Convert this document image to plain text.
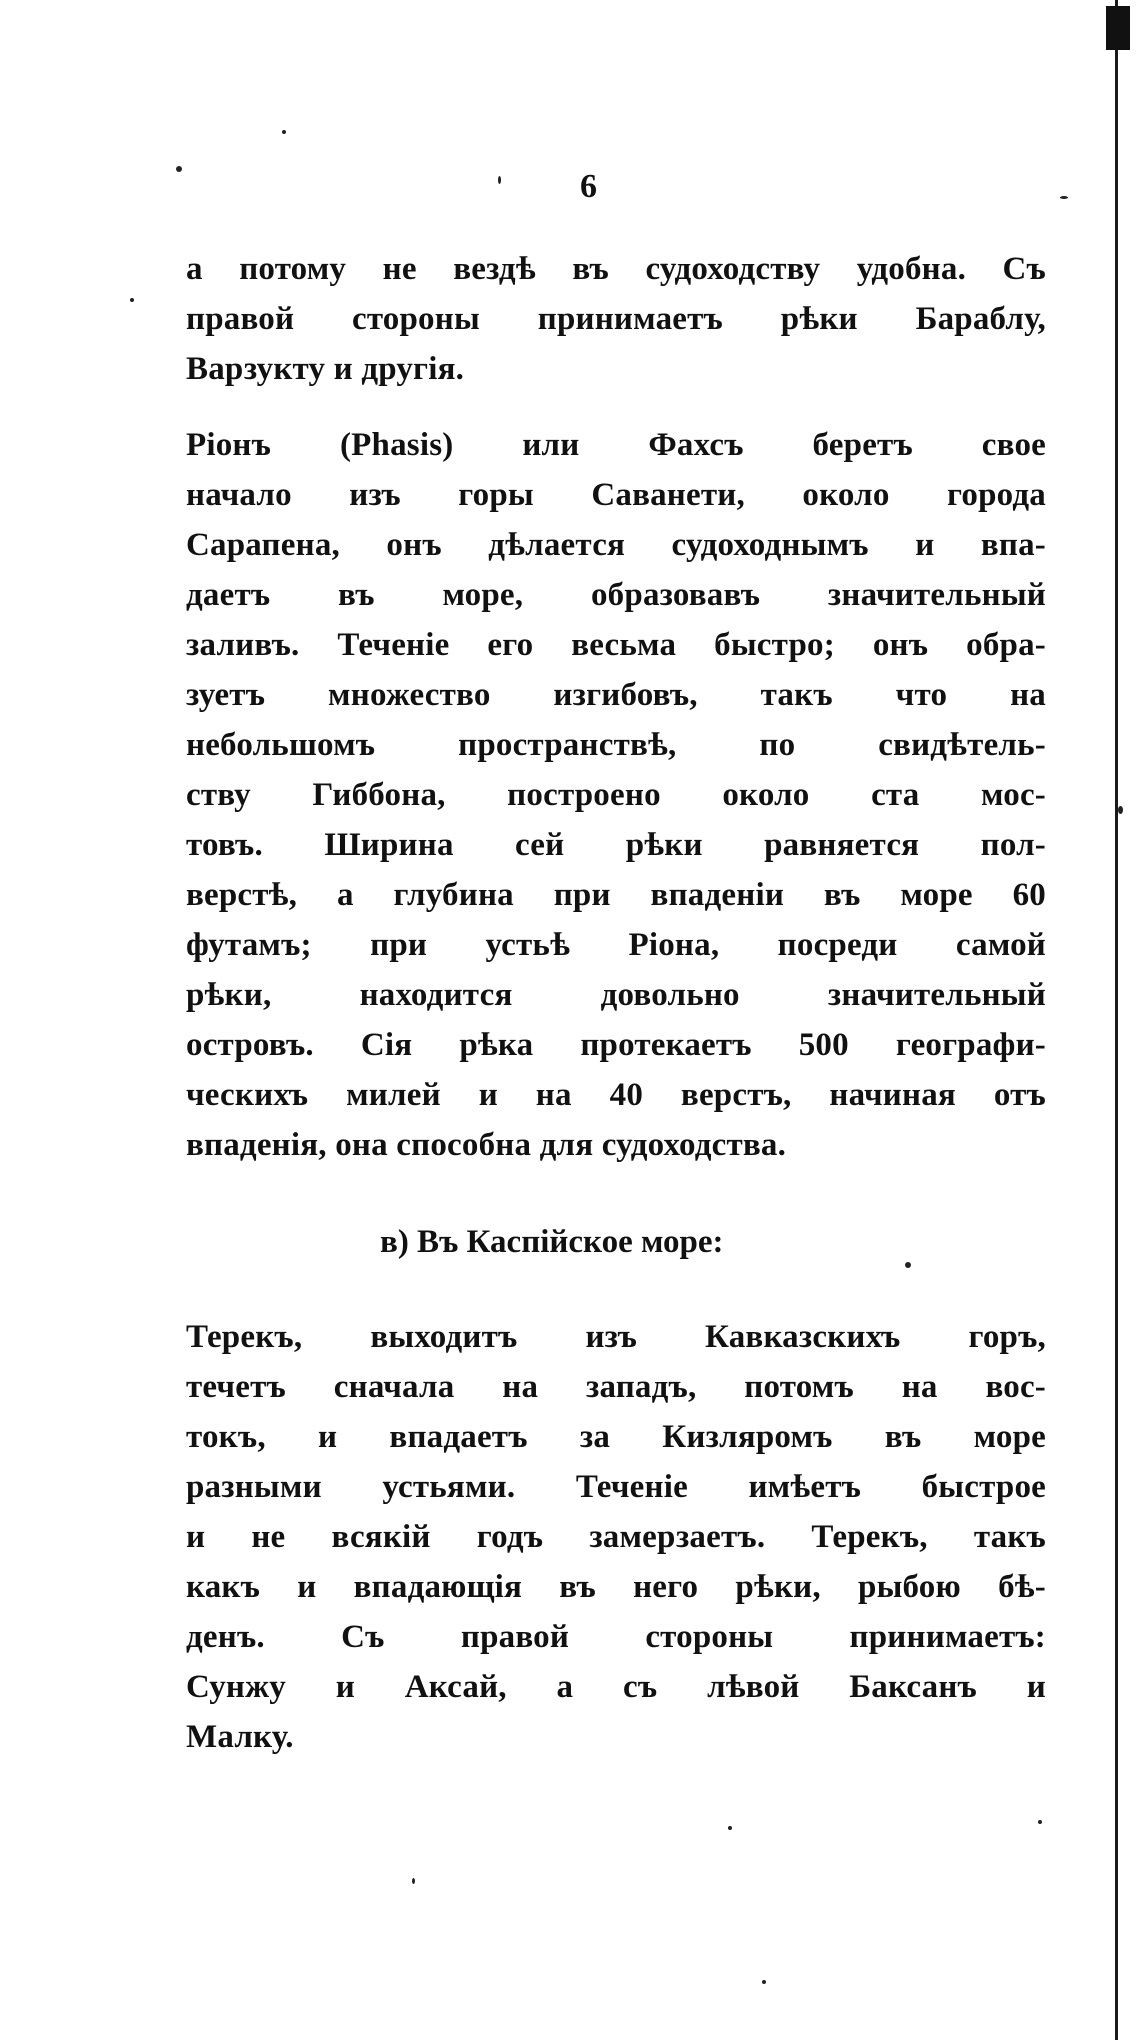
6
а потому не вездѣ въ судоходству удобна. Съ
правой стороны принимаетъ рѣки Бараблу,
Варзукту и другія.
Ріонъ (Phasis) или Фахсъ беретъ свое
начало изъ горы Саванети, около города
Сарапена, онъ дѣлается судоходнымъ и впа-
даетъ въ море, образовавъ значительный
заливъ. Теченіе его весьма быстро; онъ обра-
зуетъ множество изгибовъ, такъ что на
небольшомъ пространствѣ, по свидѣтель-
ству Гиббона, построено около ста мос-
товъ. Ширина сей рѣки равняется пол-
верстѣ, а глубина при впаденіи въ море 60
футамъ; при устьѣ Ріона, посреди самой
рѣки, находится довольно значительный
островъ. Сія рѣка протекаетъ 500 географи-
ческихъ милей и на 40 верстъ, начиная отъ
впаденія, она способна для судоходства.
в) Въ Каспійское море:
Терекъ, выходитъ изъ Кавказскихъ горъ,
течетъ сначала на западъ, потомъ на вос-
токъ, и впадаетъ за Кизляромъ въ море
разными устьями. Теченіе имѣетъ быстрое
и не всякій годъ замерзаетъ. Терекъ, такъ
какъ и впадающія въ него рѣки, рыбою бѣ-
денъ. Съ правой стороны принимаетъ:
Сунжу и Аксай, а съ лѣвой Баксанъ и
Малку.
